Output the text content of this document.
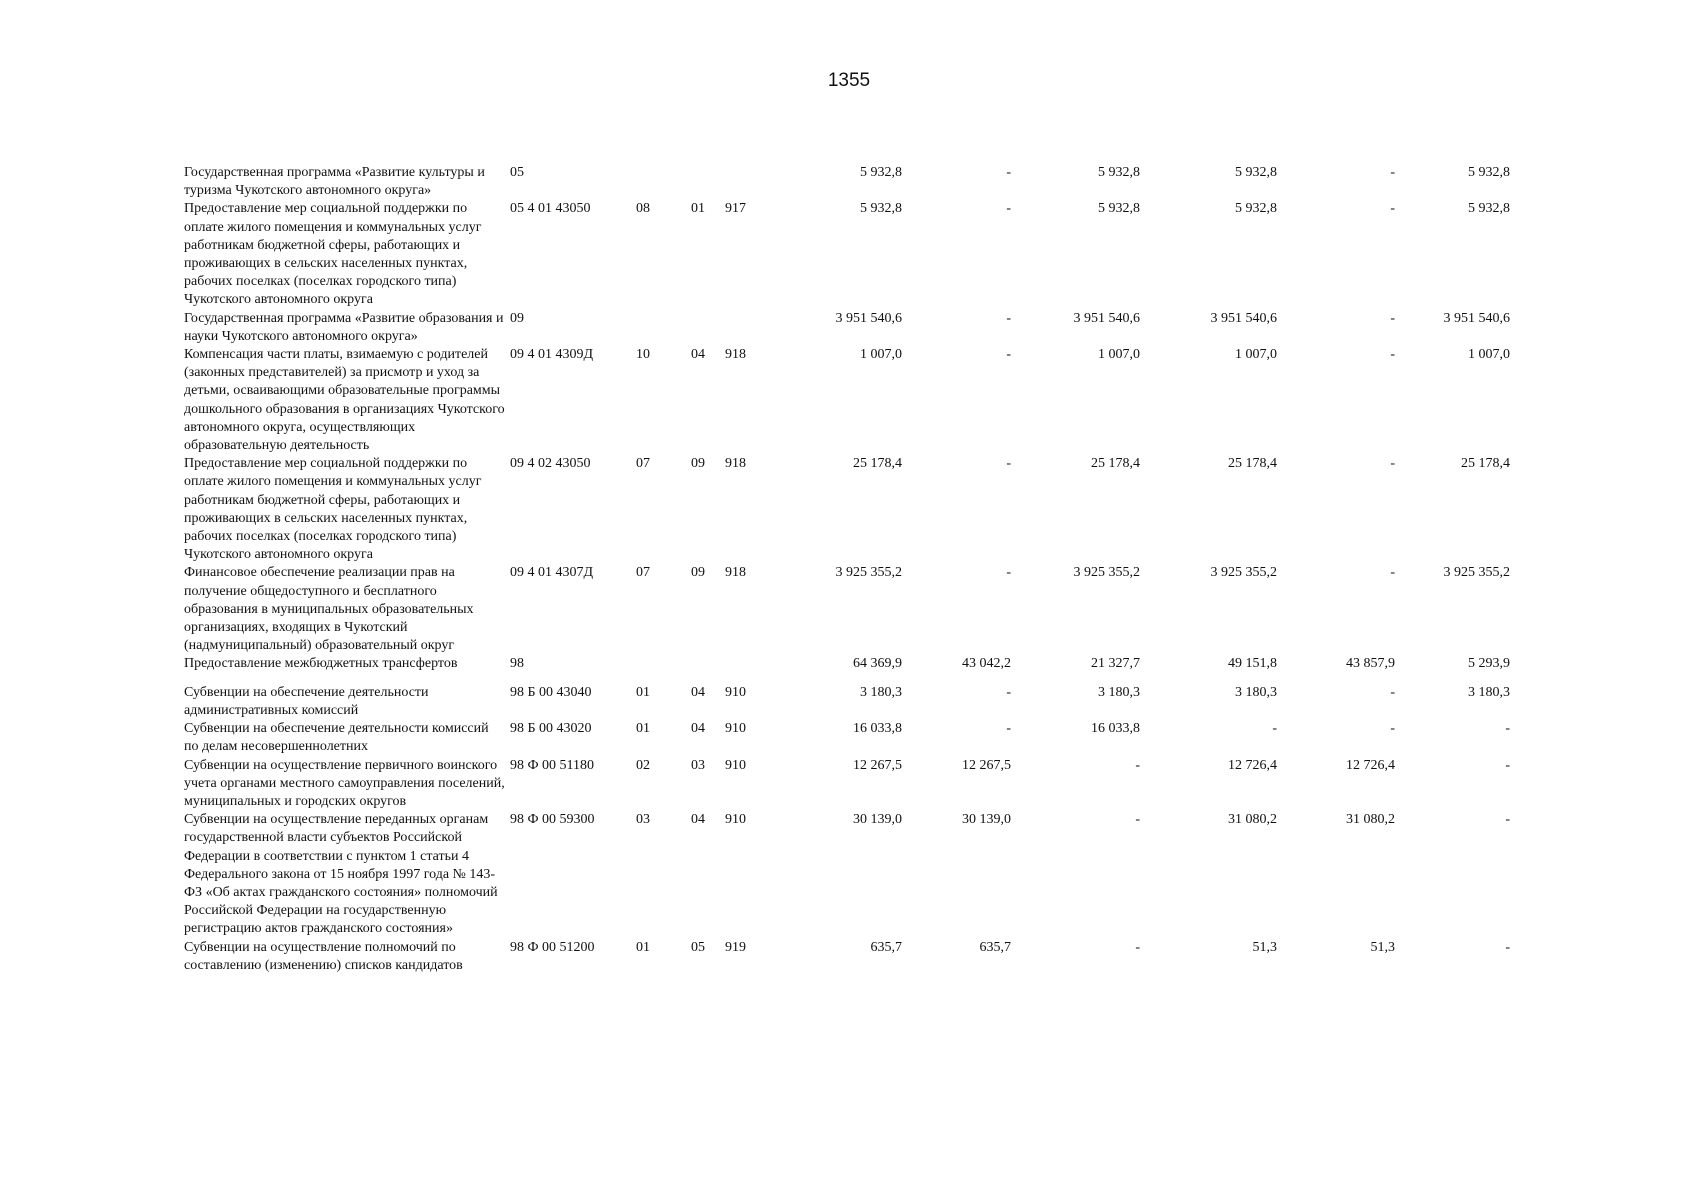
1355
Государственная программа «Развитие культуры и туризма Чукотского автономного округа»	05				5 932,8	-	5 932,8	5 932,8	-	5 932,8
Предоставление мер социальной поддержки по оплате жилого помещения и коммунальных услуг работникам бюджетной сферы, работающих и проживающих в сельских населенных пунктах, рабочих поселках (поселках городского типа) Чукотского автономного округа	05 4 01 43050	08	01	917	5 932,8	-	5 932,8	5 932,8	-	5 932,8
Государственная программа «Развитие образования и науки Чукотского автономного округа»	09				3 951 540,6	-	3 951 540,6	3 951 540,6	-	3 951 540,6
Компенсация части платы, взимаемую с родителей (законных представителей) за присмотр и уход за детьми, осваивающими образовательные программы дошкольного образования в организациях Чукотского автономного округа, осуществляющих образовательную деятельность	09 4 01 4309Д	10	04	918	1 007,0	-	1 007,0	1 007,0	-	1 007,0
Предоставление мер социальной поддержки по оплате жилого помещения и коммунальных услуг работникам бюджетной сферы, работающих и проживающих в сельских населенных пунктах, рабочих поселках (поселках городского типа) Чукотского автономного округа	09 4 02 43050	07	09	918	25 178,4	-	25 178,4	25 178,4	-	25 178,4
Финансовое обеспечение реализации прав на получение общедоступного и бесплатного образования в муниципальных образовательных организациях, входящих в Чукотский (надмуниципальный) образовательный округ	09 4 01 4307Д	07	09	918	3 925 355,2	-	3 925 355,2	3 925 355,2	-	3 925 355,2
Предоставление межбюджетных трансфертов	98				64 369,9	43 042,2	21 327,7	49 151,8	43 857,9	5 293,9
Субвенции на обеспечение деятельности административных комиссий	98 Б 00 43040	01	04	910	3 180,3	-	3 180,3	3 180,3	-	3 180,3
Субвенции на обеспечение деятельности комиссий по делам несовершеннолетних	98 Б 00 43020	01	04	910	16 033,8	-	16 033,8	-	-	-
Субвенции на осуществление первичного воинского учета органами местного самоуправления поселений, муниципальных и городских округов	98 Ф 00 51180	02	03	910	12 267,5	12 267,5	-	12 726,4	12 726,4	-
Субвенции на осуществление переданных органам государственной власти субъектов Российской Федерации в соответствии с пунктом 1 статьи 4 Федерального закона от 15 ноября 1997 года № 143-ФЗ «Об актах гражданского состояния» полномочий Российской Федерации на государственную регистрацию актов гражданского состояния»	98 Ф 00 59300	03	04	910	30 139,0	30 139,0	-	31 080,2	31 080,2	-
Субвенции на осуществление полномочий по составлению (изменению) списков кандидатов	98 Ф 00 51200	01	05	919	635,7	635,7	-	51,3	51,3	-
